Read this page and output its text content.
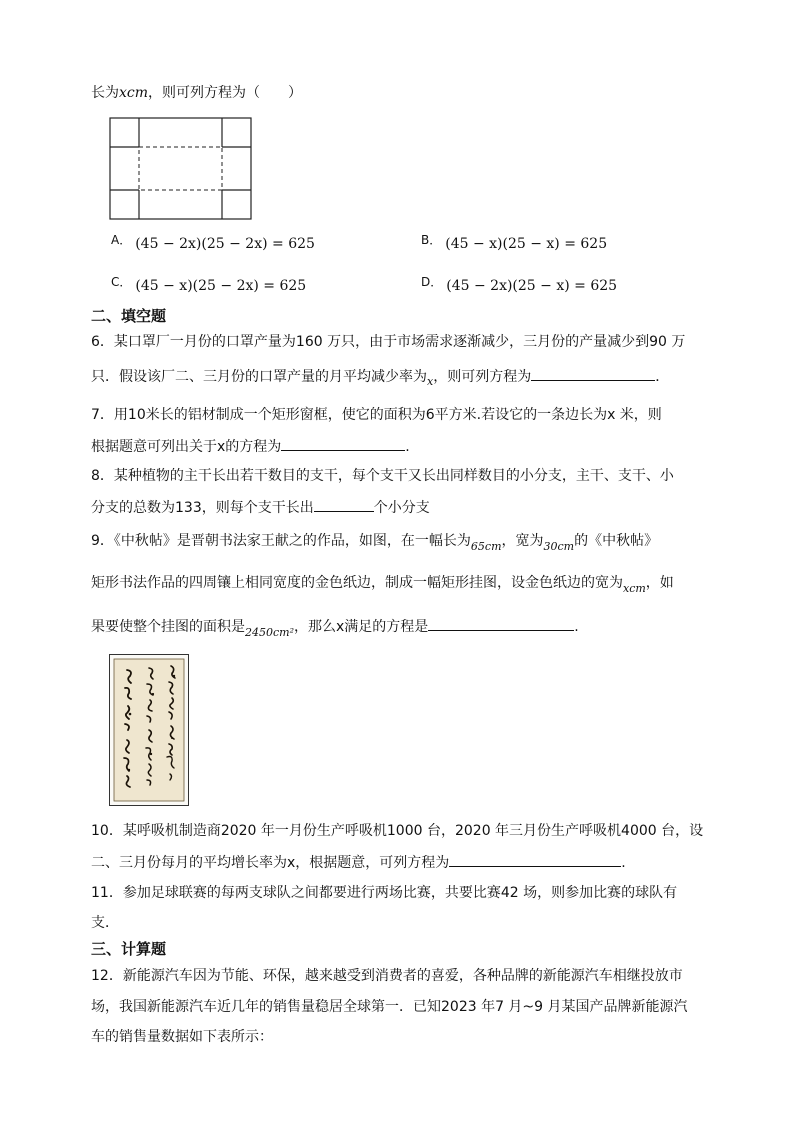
长为xcm，则可列方程为（　　）
A． (45 − 2x)(25 − 2x) = 625	B． (45 − x)(25 − x) = 625
C． (45 − x)(25 − 2x) = 625	D． (45 − 2x)(25 − x) = 625
二、填空题
6．某口罩厂一月份的口罩产量为160 万只，由于市场需求逐渐减少，三月份的产量减少到90 万
只．假设该厂二、三月份的口罩产量的月平均减少率为$_x$，则可列方程为	．
7．用10米长的铝材制成一个矩形窗框，使它的面积为6平方米.若设它的一条边长为x 米，则
根据题意可列出关于x的方程为	.
8．某种植物的主干长出若干数目的支干，每个支干又长出同样数目的小分支，主干、支干、小
分支的总数为133，则每个支干长出	个小分支
9．《中秋帖》是晋朝书法家王献之的作品，如图，在一幅长为$_{65cm}$，宽为$_{30cm}$的《中秋帖》
矩形书法作品的四周镶上相同宽度的金色纸边，制成一幅矩形挂图，设金色纸边的宽为$_{xcm}$，如
果要使整个挂图的面积是$_{2450cm^2}$，那么x满足的方程是	.
10．某呼吸机制造商2020 年一月份生产呼吸机1000 台，2020 年三月份生产呼吸机4000 台，设
二、三月份每月的平均增长率为x，根据题意，可列方程为	.
11．参加足球联赛的每两支球队之间都要进行两场比赛，共要比赛42 场，则参加比赛的球队有
支．
三、计算题
12．新能源汽车因为节能、环保，越来越受到消费者的喜爱，各种品牌的新能源汽车相继投放市
场，我国新能源汽车近几年的销售量稳居全球第一．已知2023 年7 月~9 月某国产品牌新能源汽
车的销售量数据如下表所示：
